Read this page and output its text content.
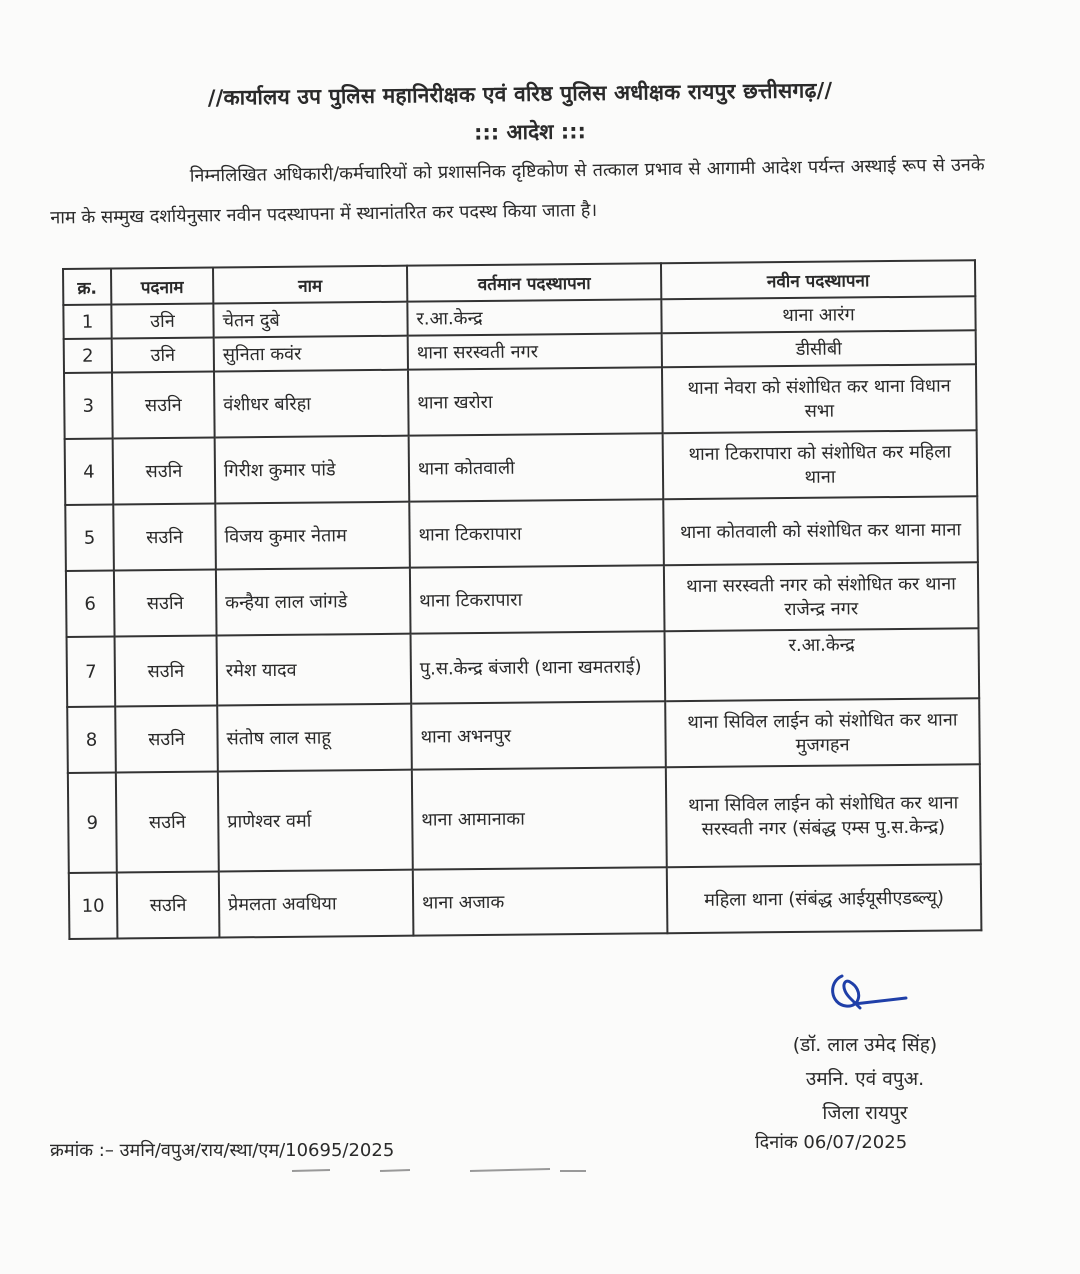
//कार्यालय उप पुलिस महानिरीक्षक एवं वरिष्ठ पुलिस अधीक्षक रायपुर छत्तीसगढ़//
::: आदेश :::
निम्नलिखित अधिकारी/कर्मचारियों को प्रशासनिक दृष्टिकोण से तत्काल प्रभाव से आगामी आदेश पर्यन्त अस्थाई रूप से उनके नाम के सम्मुख दर्शायेनुसार नवीन पदस्थापना में स्थानांतरित कर पदस्थ किया जाता है।
क्र.	पदनाम	नाम	वर्तमान पदस्थापना	नवीन पदस्थापना
1	उनि	चेतन दुबे	र.आ.केन्द्र	थाना आरंग
2	उनि	सुनिता कवंर	थाना सरस्वती नगर	डीसीबी
3	सउनि	वंशीधर बरिहा	थाना खरोरा	थाना नेवरा को संशोधित कर थाना विधान सभा
4	सउनि	गिरीश कुमार पांडे	थाना कोतवाली	थाना टिकरापारा को संशोधित कर महिला थाना
5	सउनि	विजय कुमार नेताम	थाना टिकरापारा	थाना कोतवाली को संशोधित कर थाना माना
6	सउनि	कन्हैया लाल जांगडे	थाना टिकरापारा	थाना सरस्वती नगर को संशोधित कर थाना राजेन्द्र नगर
7	सउनि	रमेश यादव	पु.स.केन्द्र बंजारी (थाना खमतराई)	र.आ.केन्द्र
8	सउनि	संतोष लाल साहू	थाना अभनपुर	थाना सिविल लाईन को संशोधित कर थाना मुजगहन
9	सउनि	प्राणेश्वर वर्मा	थाना आमानाका	थाना सिविल लाईन को संशोधित कर थाना सरस्वती नगर (संबंद्ध एम्स पु.स.केन्द्र)
10	सउनि	प्रेमलता अवधिया	थाना अजाक	महिला थाना (संबंद्ध आईयूसीएडब्ल्यू)
(डॉ. लाल उमेद सिंह)
उमनि. एवं वपुअ.
जिला रायपुर
दिनांक 06/07/2025
क्रमांक :– उमनि/वपुअ/राय/स्था/एम/10695/2025
